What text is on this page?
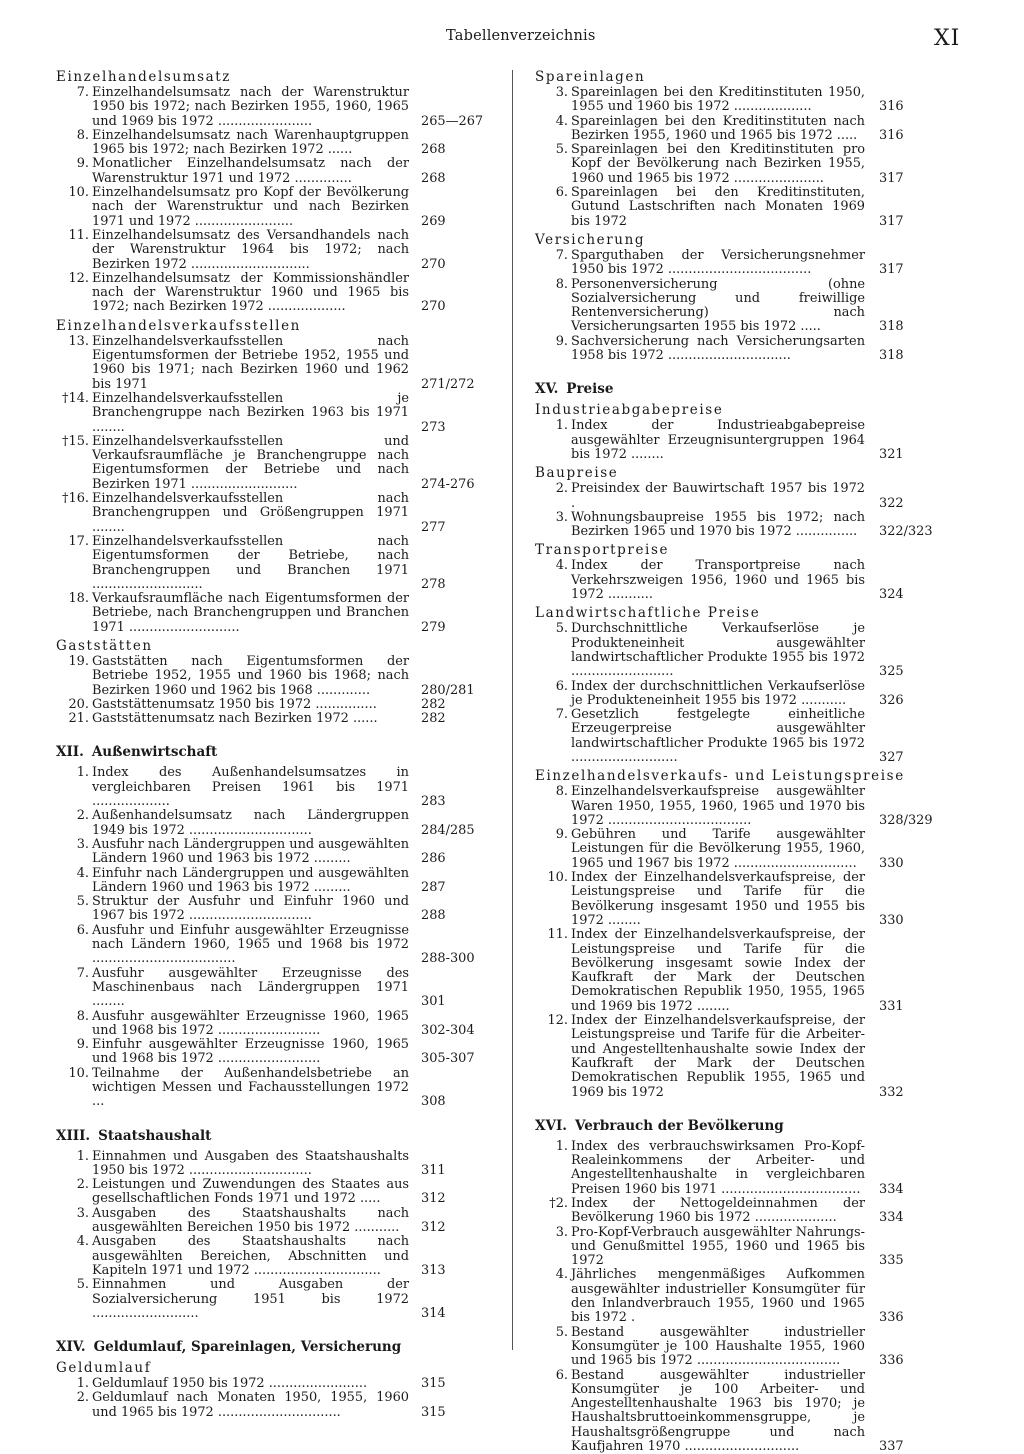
Tabellenverzeichnis	XI
Einzelhandelsumsatz
7. Einzelhandelsumsatz nach der Warenstruktur 1950 bis 1972; nach Bezirken 1955, 1960, 1965 und 1969 bis 1972 .......................	265—267
8. Einzelhandelsumsatz nach Warenhauptgruppen 1965 bis 1972; nach Bezirken 1972 ......	268
9. Monatlicher Einzelhandelsumsatz nach der Warenstruktur 1971 und 1972 ..............	268
10. Einzelhandelsumsatz pro Kopf der Bevölkerung nach der Warenstruktur und nach Bezirken 1971 und 1972 ........................	269
11. Einzelhandelsumsatz des Versandhandels nach der Warenstruktur 1964 bis 1972; nach Bezirken 1972 .............................	270
12. Einzelhandelsumsatz der Kommissionshändler nach der Warenstruktur 1960 und 1965 bis 1972; nach Bezirken 1972 ...................	270
Einzelhandelsverkaufsstellen
13. Einzelhandelsverkaufsstellen nach Eigentumsformen der Betriebe 1952, 1955 und 1960 bis 1971; nach Bezirken 1960 und 1962 bis 1971	271/272
†14. Einzelhandelsverkaufsstellen je Branchengruppe nach Bezirken 1963 bis 1971 ........	273
†15. Einzelhandelsverkaufsstellen und Verkaufsraumfläche je Branchengruppe nach Eigentumsformen der Betriebe und nach Bezirken 1971 ..........................	274-276
†16. Einzelhandelsverkaufsstellen nach Branchengruppen und Größengruppen 1971 ........	277
17. Einzelhandelsverkaufsstellen nach Eigentumsformen der Betriebe, nach Branchengruppen und Branchen 1971 ...........................	278
18. Verkaufsraumfläche nach Eigentumsformen der Betriebe, nach Branchengruppen und Branchen 1971 ...........................	279
Gaststätten
19. Gaststätten nach Eigentumsformen der Betriebe 1952, 1955 und 1960 bis 1968; nach Bezirken 1960 und 1962 bis 1968 .............	280/281
20. Gaststättenumsatz 1950 bis 1972 ...............	282
21. Gaststättenumsatz nach Bezirken 1972 ......	282
XII. Außenwirtschaft
1. Index des Außenhandelsumsatzes in vergleichbaren Preisen 1961 bis 1971 ...................	283
2. Außenhandelsumsatz nach Ländergruppen 1949 bis 1972 ..............................	284/285
3. Ausfuhr nach Ländergruppen und ausgewählten Ländern 1960 und 1963 bis 1972 .........	286
4. Einfuhr nach Ländergruppen und ausgewählten Ländern 1960 und 1963 bis 1972 .........	287
5. Struktur der Ausfuhr und Einfuhr 1960 und 1967 bis 1972 ..............................	288
6. Ausfuhr und Einfuhr ausgewählter Erzeugnisse nach Ländern 1960, 1965 und 1968 bis 1972 ...................................	288-300
7. Ausfuhr ausgewählter Erzeugnisse des Maschinenbaus nach Ländergruppen 1971 ........	301
8. Ausfuhr ausgewählter Erzeugnisse 1960, 1965 und 1968 bis 1972 .........................	302-304
9. Einfuhr ausgewählter Erzeugnisse 1960, 1965 und 1968 bis 1972 .........................	305-307
10. Teilnahme der Außenhandelsbetriebe an wichtigen Messen und Fachausstellungen 1972 ...	308
XIII. Staatshaushalt
1. Einnahmen und Ausgaben des Staatshaushalts 1950 bis 1972 ..............................	311
2. Leistungen und Zuwendungen des Staates aus gesellschaftlichen Fonds 1971 und 1972 .....	312
3. Ausgaben des Staatshaushalts nach ausgewählten Bereichen 1950 bis 1972 ...........	312
4. Ausgaben des Staatshaushalts nach ausgewählten Bereichen, Abschnitten und Kapiteln 1971 und 1972 ...............................	313
5. Einnahmen und Ausgaben der Sozialversicherung 1951 bis 1972 ..........................	314
XIV. Geldumlauf, Spareinlagen, Versicherung
Geldumlauf
1. Geldumlauf 1950 bis 1972 ........................	315
2. Geldumlauf nach Monaten 1950, 1955, 1960 und 1965 bis 1972 ..............................	315
Spareinlagen
3. Spareinlagen bei den Kreditinstituten 1950, 1955 und 1960 bis 1972 ...................	316
4. Spareinlagen bei den Kreditinstituten nach Bezirken 1955, 1960 und 1965 bis 1972 .....	316
5. Spareinlagen bei den Kreditinstituten pro Kopf der Bevölkerung nach Bezirken 1955, 1960 und 1965 bis 1972 ......................	317
6. Spareinlagen bei den Kreditinstituten, Gutund Lastschriften nach Monaten 1969 bis 1972	317
Versicherung
7. Sparguthaben der Versicherungsnehmer 1950 bis 1972 ...................................	317
8. Personenversicherung (ohne Sozialversicherung und freiwillige Rentenversicherung) nach Versicherungsarten 1955 bis 1972 .....	318
9. Sachversicherung nach Versicherungsarten 1958 bis 1972 ..............................	318
XV. Preise
Industrieabgabepreise
1. Index der Industrieabgabepreise ausgewählter Erzeugnisuntergruppen 1964 bis 1972 ........	321
Baupreise
2. Preisindex der Bauwirtschaft 1957 bis 1972 .	322
3. Wohnungsbaupreise 1955 bis 1972; nach Bezirken 1965 und 1970 bis 1972 ...............	322/323
Transportpreise
4. Index der Transportpreise nach Verkehrszweigen 1956, 1960 und 1965 bis 1972 ...........	324
Landwirtschaftliche Preise
5. Durchschnittliche Verkaufserlöse je Produkteneinheit ausgewählter landwirtschaftlicher Produkte 1955 bis 1972 .........................	325
6. Index der durchschnittlichen Verkaufserlöse je Produkteneinheit 1955 bis 1972 ...........	326
7. Gesetzlich festgelegte einheitliche Erzeugerpreise ausgewählter landwirtschaftlicher Produkte 1965 bis 1972 ..........................	327
Einzelhandelsverkaufs- und Leistungspreise
8. Einzelhandelsverkaufspreise ausgewählter Waren 1950, 1955, 1960, 1965 und 1970 bis 1972 ...................................	328/329
9. Gebühren und Tarife ausgewählter Leistungen für die Bevölkerung 1955, 1960, 1965 und 1967 bis 1972 ..............................	330
10. Index der Einzelhandelsverkaufspreise, der Leistungspreise und Tarife für die Bevölkerung insgesamt 1950 und 1955 bis 1972 ........	330
11. Index der Einzelhandelsverkaufspreise, der Leistungspreise und Tarife für die Bevölkerung insgesamt sowie Index der Kaufkraft der Mark der Deutschen Demokratischen Republik 1950, 1955, 1965 und 1969 bis 1972 ........	331
12. Index der Einzelhandelsverkaufspreise, der Leistungspreise und Tarife für die Arbeiter- und Angestelltenhaushalte sowie Index der Kaufkraft der Mark der Deutschen Demokratischen Republik 1955, 1965 und 1969 bis 1972	332
XVI. Verbrauch der Bevölkerung
1. Index des verbrauchswirksamen Pro-Kopf-Realeinkommens der Arbeiter- und Angestelltenhaushalte in vergleichbaren Preisen 1960 bis 1971 ..................................	334
†2. Index der Nettogeldeinnahmen der Bevölkerung 1960 bis 1972 ....................	334
3. Pro-Kopf-Verbrauch ausgewählter Nahrungs- und Genußmittel 1955, 1960 und 1965 bis 1972	335
4. Jährliches mengenmäßiges Aufkommen ausgewählter industrieller Konsumgüter für den Inlandverbrauch 1955, 1960 und 1965 bis 1972 .	336
5. Bestand ausgewählter industrieller Konsumgüter je 100 Haushalte 1955, 1960 und 1965 bis 1972 ...................................	336
6. Bestand ausgewählter industrieller Konsumgüter je 100 Arbeiter- und Angestelltenhaushalte 1963 bis 1970; je Haushaltsbruttoeinkommensgruppe, je Haushaltsgrößengruppe und nach Kaufjahren 1970 ............................	337
